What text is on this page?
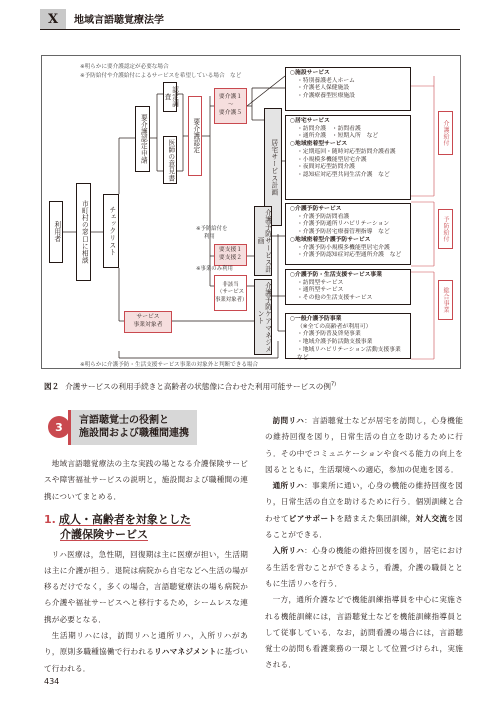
X	地域言語聴覚療法学
※明らかに要介護認定が必要な場合
※予防給付や介護給付によるサービスを希望している場合　など
利用者	市町村の窓口に相談	チェックリスト
要介護認定申請
認定調査
医師の意見書
要介護認定
要介護１
～
要介護５
居宅サービス計画
※予防給付を
利用
要支援１
要支援２
※事業のみ利用
非該当
（サービス
事業対象者）
介護予防サービス計画
介護予防ケアマネジメント
サービス
事業対象者
○施設サービス
・特別養護老人ホーム
・介護老人保健施設
・介護療養型医療施設
○居宅サービス
・訪問介護　・訪問看護
・通所介護　・短期入所　など
○地域密着型サービス
・定期巡回・随時対応型訪問介護看護
・小規模多機能型居宅介護
・夜間対応型訪問介護
・認知症対応型共同生活介護　など
○介護予防サービス
・介護予防訪問看護
・介護予防通所リハビリテーション
・介護予防居宅療養管理指導　など
○地域密着型介護予防サービス
・介護予防小規模多機能型居宅介護
・介護予防認知症対応型通所介護　など
○介護予防・生活支援サービス事業
・訪問型サービス
・通所型サービス
・その他の生活支援サービス
○一般介護予防事業
（※全ての高齢者が利用可）
・介護予防普及啓発事業
・地域介護予防活動支援事業
・地域リハビリテーション活動支援事業など
介護給付
予防給付
総合事業
※明らかに介護予防・生活支援サービス事業の対象外と判断できる場合
図２ 介護サービスの利用手続きと高齢者の状態像に合わせた利用可能サービスの例$^{7)}$
3
言語聴覚士の役割と
施設間および職種間連携

地域言語聴覚療法の主な実践の場となる介護保険サービスや障害福祉サービスの説明と，施設間および職種間の連携についてまとめる．

1. 成人・高齢者を対象とした
介護保険サービス

リハ医療は，急性期，回復期は主に医療が担い，生活期は主に介護が担う．退院は病院から自宅などへ生活の場が移るだけでなく，多くの場合，言語聴覚療法の場も病院から介護や福祉サービスへと移行するため，シームレスな連携が必要となる．

生活期リハには，訪問リハと通所リハ，入所リハがあり，原則多職種協働で行われるリハマネジメントに基づいて行われる．

訪問リハ：言語聴覚士などが居宅を訪問し，心身機能の維持回復を図り，日常生活の自立を助けるために行う．その中でコミュニケーションや食べる能力の向上を図るとともに，生活環境への適応，参加の促進を図る．

通所リハ：事業所に通い，心身の機能の維持回復を図り，日常生活の自立を助けるために行う．個別訓練と合わせてピアサポートを踏まえた集団訓練，対人交流を図ることができる．

入所リハ：心身の機能の維持回復を図り，居宅における生活を営むことができるよう，看護，介護の職員とともに生活リハを行う．

一方，通所介護などで機能訓練指導員を中心に実施される機能訓練には，言語聴覚士などを機能訓練指導員として従事している．なお，訪問看護の場合には，言語聴覚士の訪問も看護業務の一環として位置づけられ，実施される．

434
